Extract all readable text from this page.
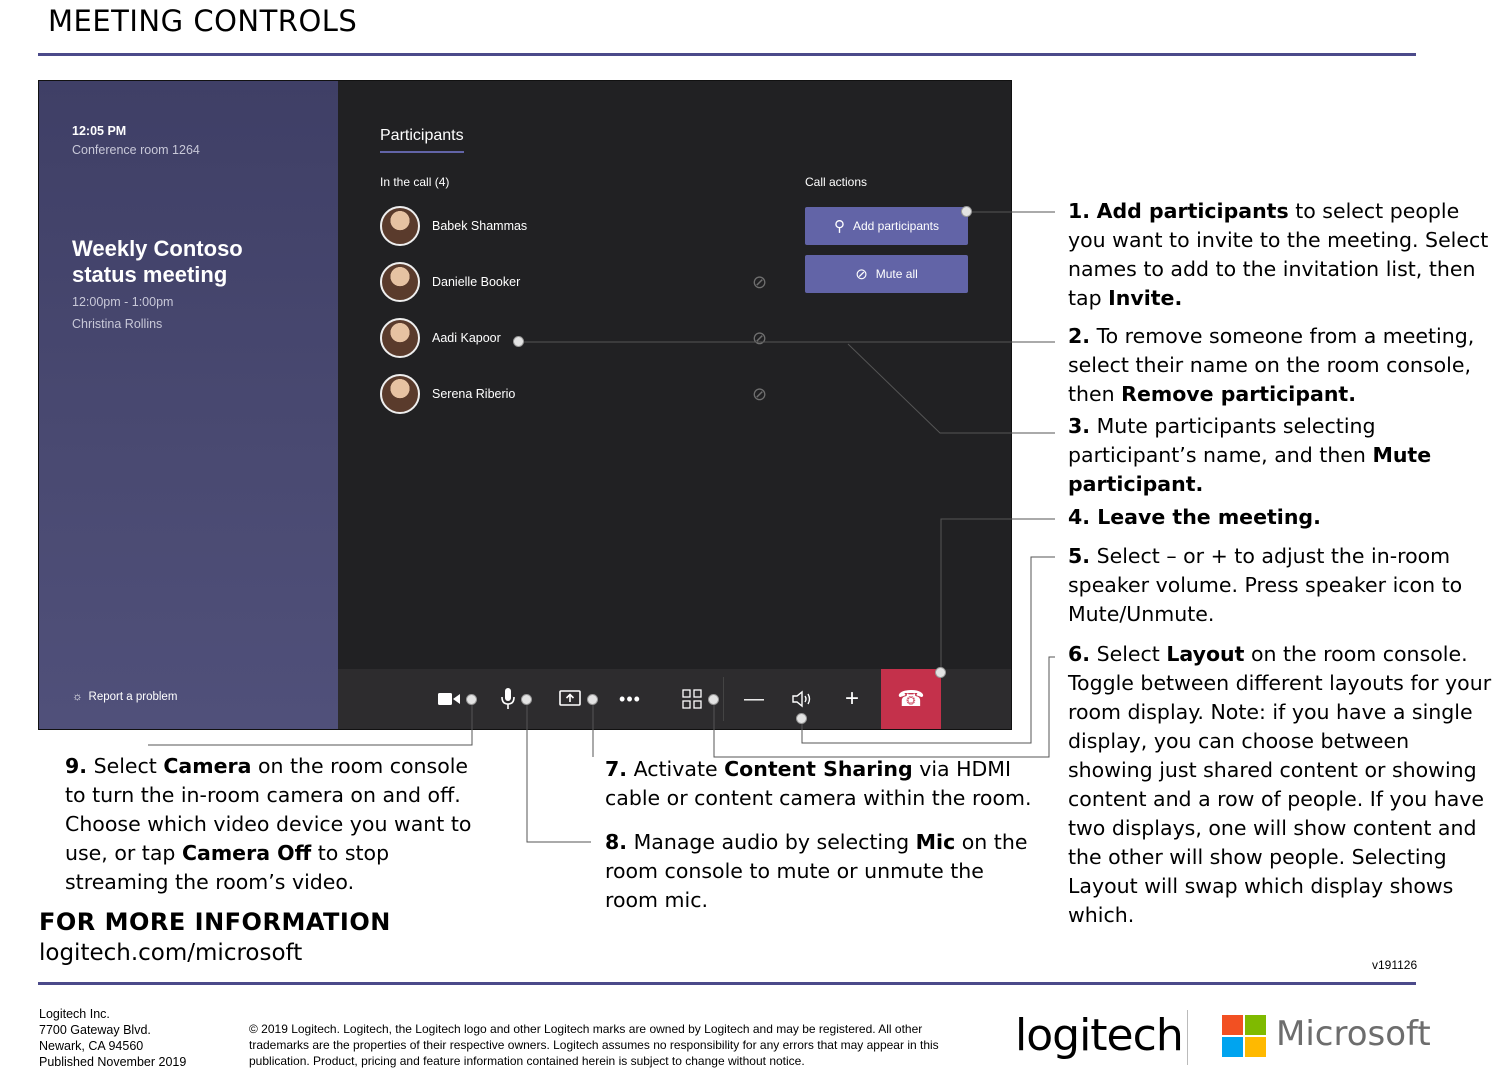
MEETING CONTROLS
12:05 PM
Conference room 1264
Weekly Contoso
status meeting
12:00pm - 1:00pm
Christina Rollins
☼ Report a problem
Participants
In the call (4)	Call actions
Babek Shammas
Danielle Booker	⊘
Aadi Kapoor	⊘
Serena Riberio	⊘
⚲ Add participants
⊘ Mute all
•••	—	+ ☎
1. Add participants to select people you want to invite to the meeting. Select names to add to the invitation list, then tap Invite.
2. To remove someone from a meeting, select their name on the room console, then Remove participant.
3. Mute participants selecting participant’s name, and then Mute participant.
4. Leave the meeting.
5. Select – or + to adjust the in-room speaker volume. Press speaker icon to Mute/Unmute.
6. Select Layout on the room console. Toggle between different layouts for your room display. Note: if you have a single display, you can choose between showing just shared content or showing content and a row of people. If you have two displays, one will show content and the other will show people. Selecting Layout will swap which display shows which.
7. Activate Content Sharing via HDMI cable or content camera within the room.
8. Manage audio by selecting Mic on the room console to mute or unmute the room mic.
9. Select Camera on the room console to turn the in-room camera on and off. Choose which video device you want to use, or tap Camera Off to stop streaming the room’s video.
FOR MORE INFORMATION
logitech.com/microsoft	v191126
Logitech Inc.
7700 Gateway Blvd.
Newark, CA 94560
Published November 2019
© 2019 Logitech. Logitech, the Logitech logo and other Logitech marks are owned by Logitech and may be registered. All other trademarks are the properties of their respective owners. Logitech assumes no responsibility for any errors that may appear in this publication. Product, pricing and feature information contained herein is subject to change without notice.	logitech	Microsoft
